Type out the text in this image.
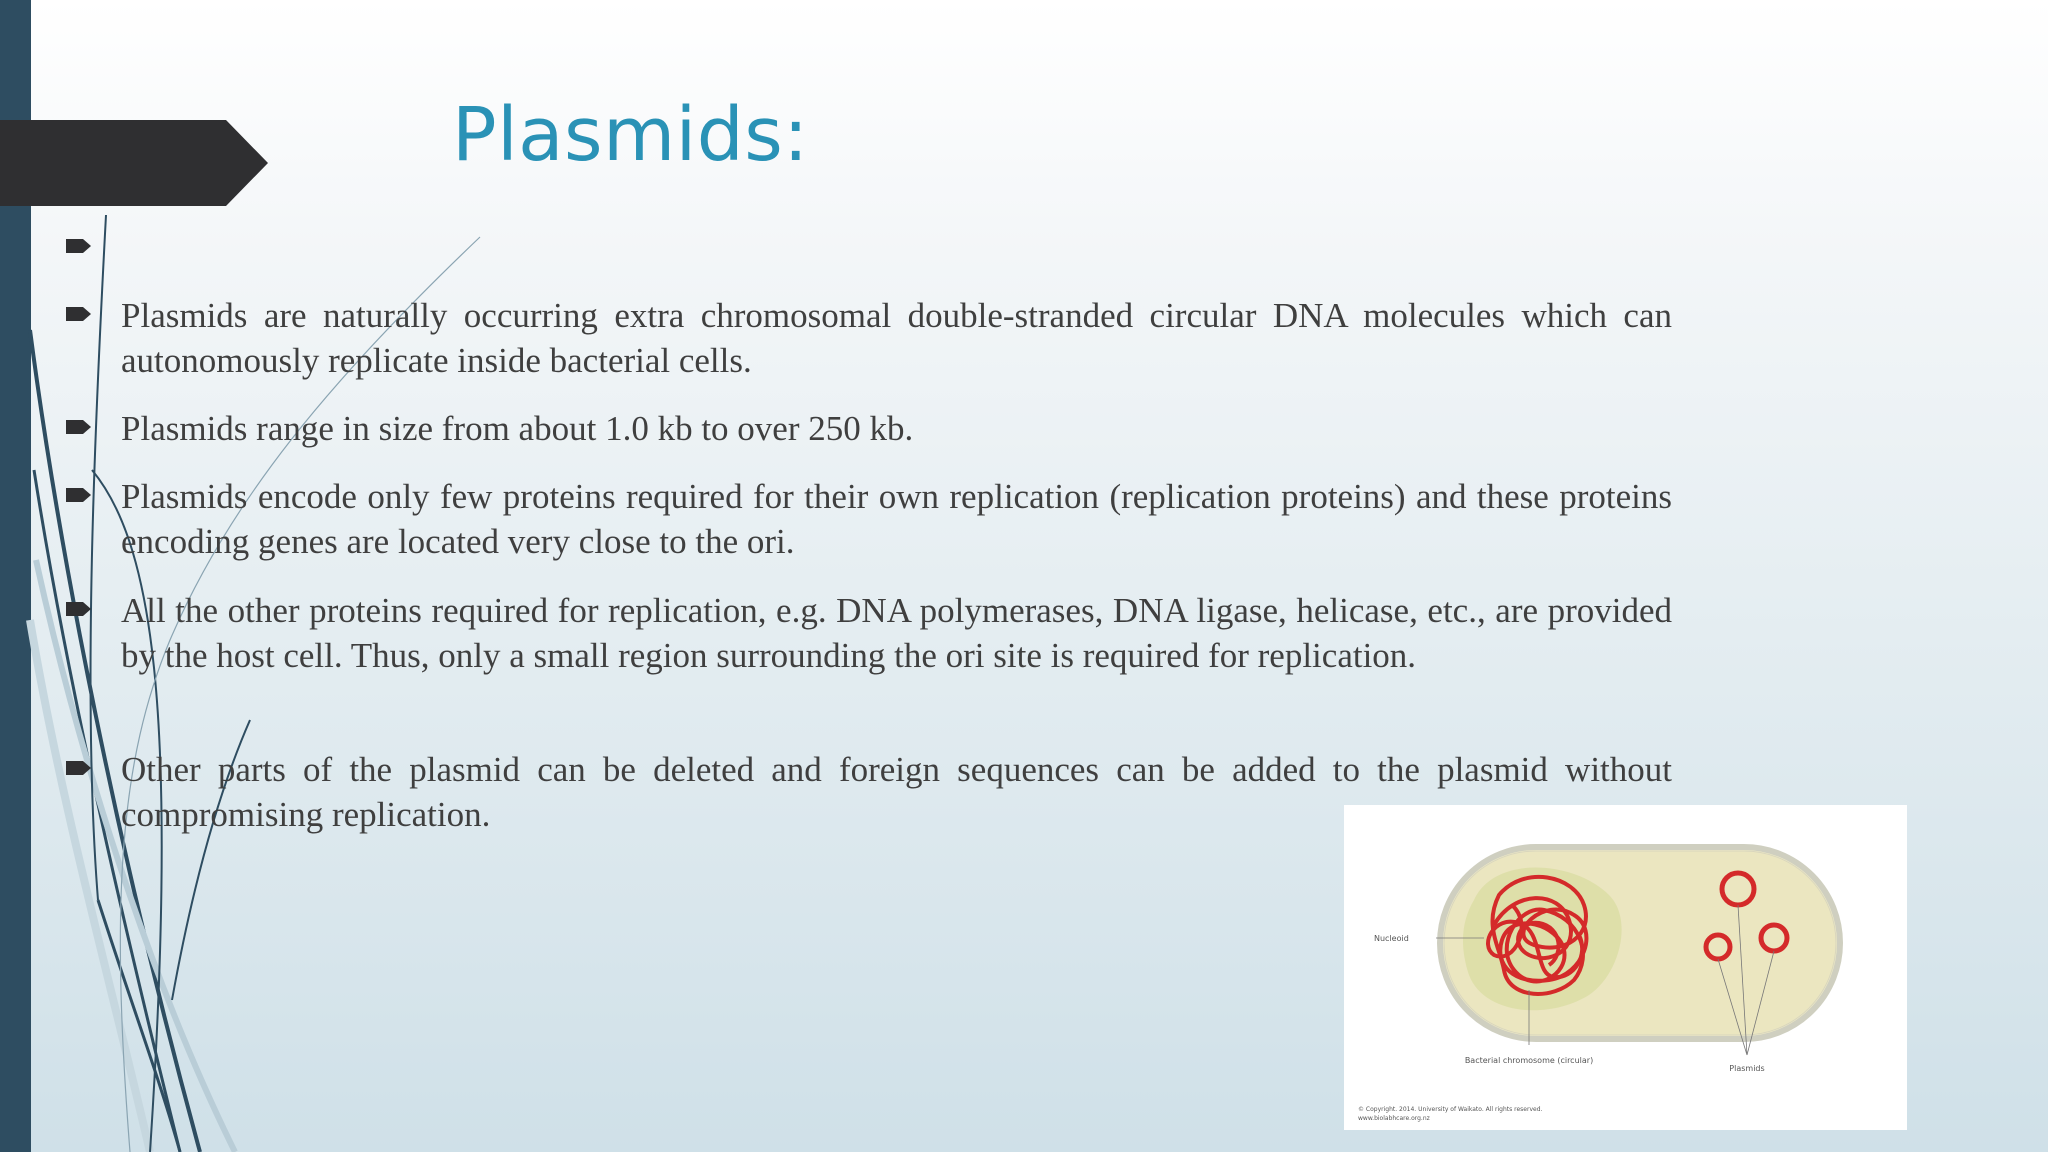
Plasmids:

Plasmids are naturally occurring extra chromosomal double-stranded circular DNA molecules which can autonomously replicate inside bacterial cells.

Plasmids range in size from about 1.0 kb to over 250 kb.

Plasmids encode only few proteins required for their own replication (replication proteins) and these proteins encoding genes are located very close to the ori.

All the other proteins required for replication, e.g. DNA polymerases, DNA ligase, helicase, etc., are provided by the host cell. Thus, only a small region surrounding the ori site is required for replication.

Other parts of the plasmid can be deleted and foreign sequences can be added to the plasmid without compromising replication.

Nucleoid
Bacterial chromosome (circular)
Plasmids
© Copyright. 2014. University of Waikato. All rights reserved.
www.biolabhcare.org.nz
